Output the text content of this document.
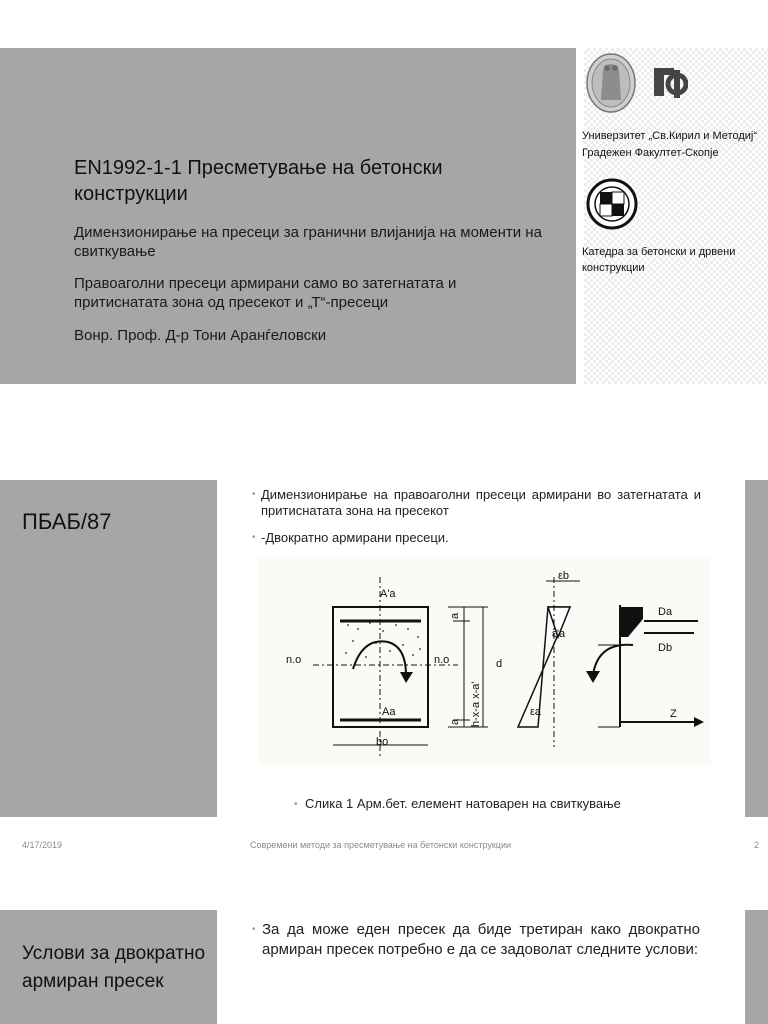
EN1992-1-1 Пресметување на бетонски конструкции
Димензионирање на пресеци за гранични влијанија на моменти на свиткување
Правоаголни пресеци армирани само во затегнатата и притиснатата зона од пресекот и „Т“-пресеци
Вонр. Проф. Д-р Тони Аранѓеловски
Универзитет „Св.Кирил и Методиј“
Градежен Факултет-Скопје
Катедра за бетонски и дрвени конструкции
ПБАБ/87
• Димензионирање на правоаголни пресеци армирани во затегнатата и притиснатата зона на пресекот
• -Двократно армирани пресеци.
A'a
Aa
n.o	n.o
bo
d
h-x-a x-a'
a
a
εb
ε'a
εa
Da
Db
Z
• Слика 1 Арм.бет. елемент натоварен на свиткување
4/17/2019	Современи методи за пресметување на бетонски конструкции	2
Услови за двократно армиран пресек
• За да може еден пресек да биде третиран како двократно армиран пресек потребно е да се задоволат следните услови:
